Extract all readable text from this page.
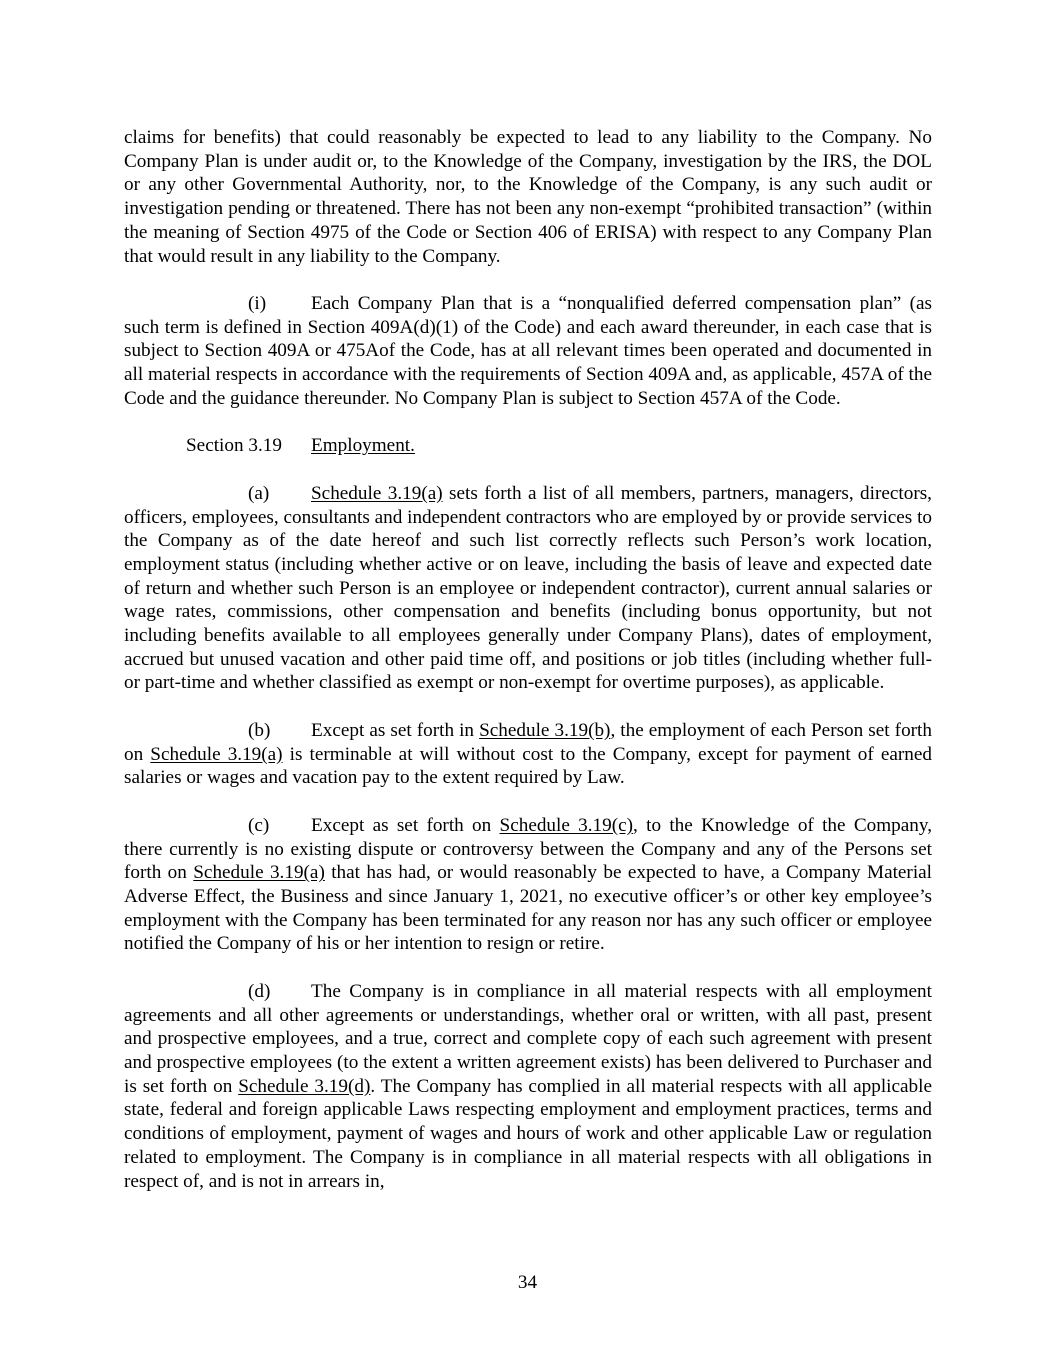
claims for benefits) that could reasonably be expected to lead to any liability to the Company. No Company Plan is under audit or, to the Knowledge of the Company, investigation by the IRS, the DOL or any other Governmental Authority, nor, to the Knowledge of the Company, is any such audit or investigation pending or threatened. There has not been any non-exempt “prohibited transaction” (within the meaning of Section 4975 of the Code or Section 406 of ERISA) with respect to any Company Plan that would result in any liability to the Company.

(i) Each Company Plan that is a “nonqualified deferred compensation plan” (as such term is defined in Section 409A(d)(1) of the Code) and each award thereunder, in each case that is subject to Section 409A or 475Aof the Code, has at all relevant times been operated and documented in all material respects in accordance with the requirements of Section 409A and, as applicable, 457A of the Code and the guidance thereunder. No Company Plan is subject to Section 457A of the Code.

Section 3.19 Employment.

(a) Schedule 3.19(a) sets forth a list of all members, partners, managers, directors, officers, employees, consultants and independent contractors who are employed by or provide services to the Company as of the date hereof and such list correctly reflects such Person’s work location, employment status (including whether active or on leave, including the basis of leave and expected date of return and whether such Person is an employee or independent contractor), current annual salaries or wage rates, commissions, other compensation and benefits (including bonus opportunity, but not including benefits available to all employees generally under Company Plans), dates of employment, accrued but unused vacation and other paid time off, and positions or job titles (including whether full- or part-time and whether classified as exempt or non-exempt for overtime purposes), as applicable.

(b) Except as set forth in Schedule 3.19(b), the employment of each Person set forth on Schedule 3.19(a) is terminable at will without cost to the Company, except for payment of earned salaries or wages and vacation pay to the extent required by Law.

(c) Except as set forth on Schedule 3.19(c), to the Knowledge of the Company, there currently is no existing dispute or controversy between the Company and any of the Persons set forth on Schedule 3.19(a) that has had, or would reasonably be expected to have, a Company Material Adverse Effect, the Business and since January 1, 2021, no executive officer’s or other key employee’s employment with the Company has been terminated for any reason nor has any such officer or employee notified the Company of his or her intention to resign or retire.

(d) The Company is in compliance in all material respects with all employment agreements and all other agreements or understandings, whether oral or written, with all past, present and prospective employees, and a true, correct and complete copy of each such agreement with present and prospective employees (to the extent a written agreement exists) has been delivered to Purchaser and is set forth on Schedule 3.19(d). The Company has complied in all material respects with all applicable state, federal and foreign applicable Laws respecting employment and employment practices, terms and conditions of employment, payment of wages and hours of work and other applicable Law or regulation related to employment. The Company is in compliance in all material respects with all obligations in respect of, and is not in arrears in,

34
